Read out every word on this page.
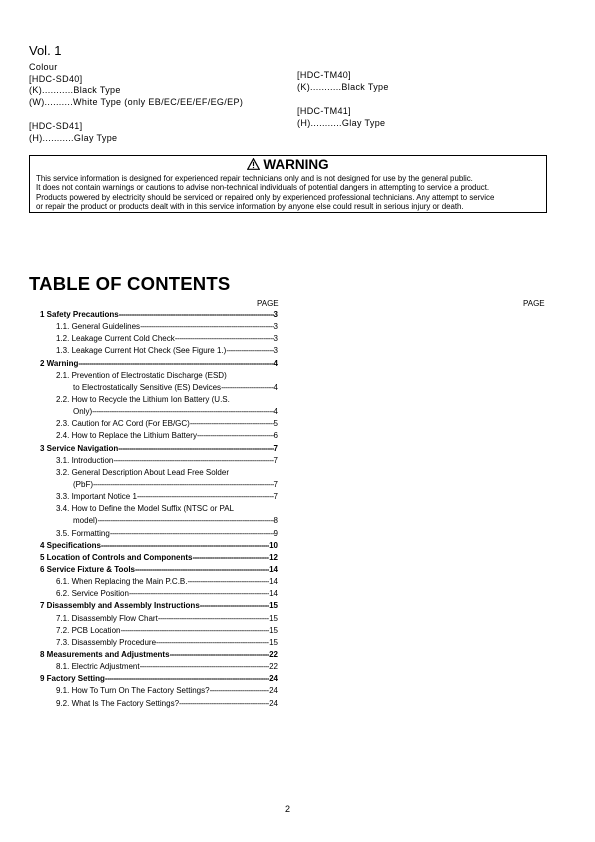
Vol. 1
Colour
[HDC-SD40]
(K)...........Black Type
(W)..........White Type (only EB/EC/EE/EF/EG/EP)
[HDC-SD41]
(H)...........Glay Type
[HDC-TM40]
(K)...........Black Type
[HDC-TM41]
(H)...........Glay Type
WARNING
This service information is designed for experienced repair technicians only and is not designed for use by the general public.
It does not contain warnings or cautions to advise non-technical individuals of potential dangers in attempting to service a product.
Products powered by electricity should be serviced or repaired only by experienced professional technicians. Any attempt to service
or repair the product or products dealt with in this service information by anyone else could result in serious injury or death.
TABLE OF CONTENTS
PAGE	PAGE
1 Safety Precautions -----	3
1.1. General Guidelines -----	3
1.2. Leakage Current Cold Check -----	3
1.3. Leakage Current Hot Check (See Figure 1.) -----	3
2 Warning -----	4
2.1. Prevention of Electrostatic Discharge (ESD)
to Electrostatically Sensitive (ES) Devices -----	4
2.2. How to Recycle the Lithium Ion Battery (U.S.
Only) -----	4
2.3. Caution for AC Cord (For EB/GC) -----	5
2.4. How to Replace the Lithium Battery -----	6
3 Service Navigation -----	7
3.1. Introduction -----	7
3.2. General Description About Lead Free Solder
(PbF) -----	7
3.3. Important Notice 1 -----	7
3.4. How to Define the Model Suffix (NTSC or PAL
model) -----	8
3.5. Formatting -----	9
4 Specifications -----	10
5 Location of Controls and Components -----	12
6 Service Fixture & Tools -----	14
6.1. When Replacing the Main P.C.B. -----	14
6.2. Service Position -----	14
7 Disassembly and Assembly Instructions -----	15
7.1. Disassembly Flow Chart -----	15
7.2. PCB Location -----	15
7.3. Disassembly Procedure -----	15
8 Measurements and Adjustments -----	22
8.1. Electric Adjustment -----	22
9 Factory Setting -----	24
9.1. How To Turn On The Factory Settings? -----	24
9.2. What Is The Factory Settings? -----	24
2
